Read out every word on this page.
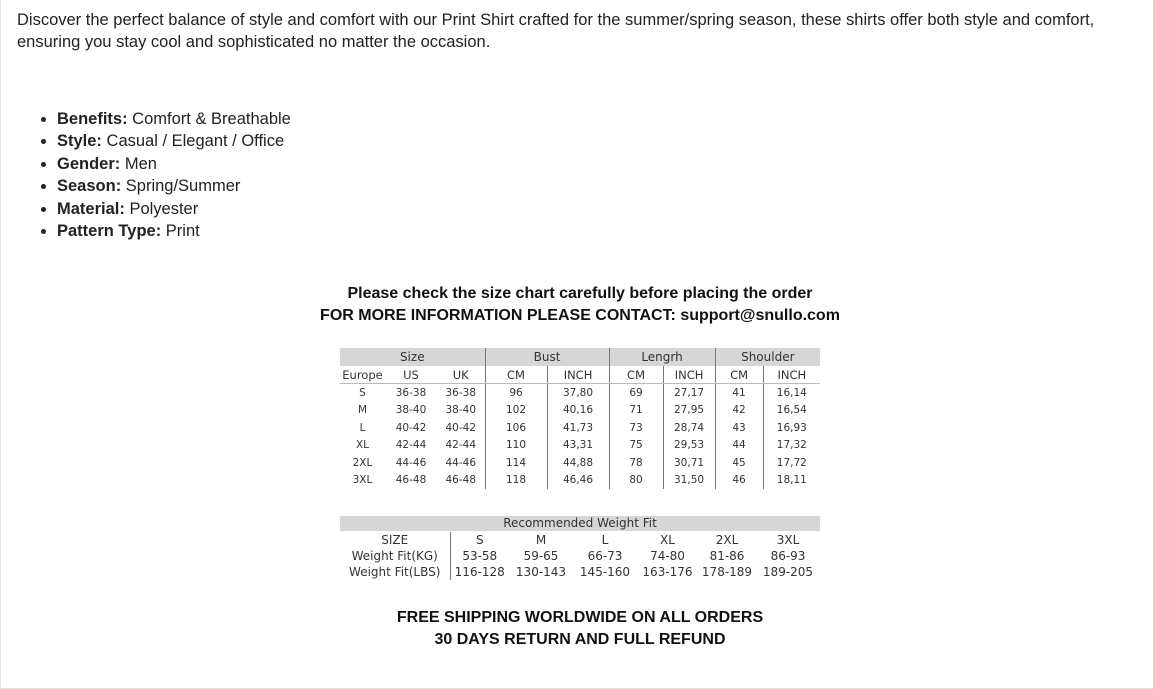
Discover the perfect balance of style and comfort with our Print Shirt crafted for the summer/spring season, these shirts offer both style and comfort, ensuring you stay cool and sophisticated no matter the occasion.

• Benefits: Comfort & Breathable
• Style: Casual / Elegant / Office
• Gender: Men
• Season: Spring/Summer
• Material: Polyester
• Pattern Type: Print
Please check the size chart carefully before placing the order
FOR MORE INFORMATION PLEASE CONTACT: support@snullo.com
Size			Bust		Lengrh		Shoulder	
Europe	US	UK	CM	INCH	CM	INCH	CM	INCH
S	36-38	36-38	96	37,80	69	27,17	41	16,14
M	38-40	38-40	102	40,16	71	27,95	42	16,54
L	40-42	40-42	106	41,73	73	28,74	43	16,93
XL	42-44	42-44	110	43,31	75	29,53	44	17,32
2XL	44-46	44-46	114	44,88	78	30,71	45	17,72
3XL	46-48	46-48	118	46,46	80	31,50	46	18,11
Recommended Weight Fit
SIZE	S	M	L	XL	2XL	3XL
Weight Fit(KG)	53-58	59-65	66-73	74-80	81-86	86-93
Weight Fit(LBS)	116-128	130-143	145-160	163-176	178-189	189-205
FREE SHIPPING WORLDWIDE ON ALL ORDERS
30 DAYS RETURN AND FULL REFUND
